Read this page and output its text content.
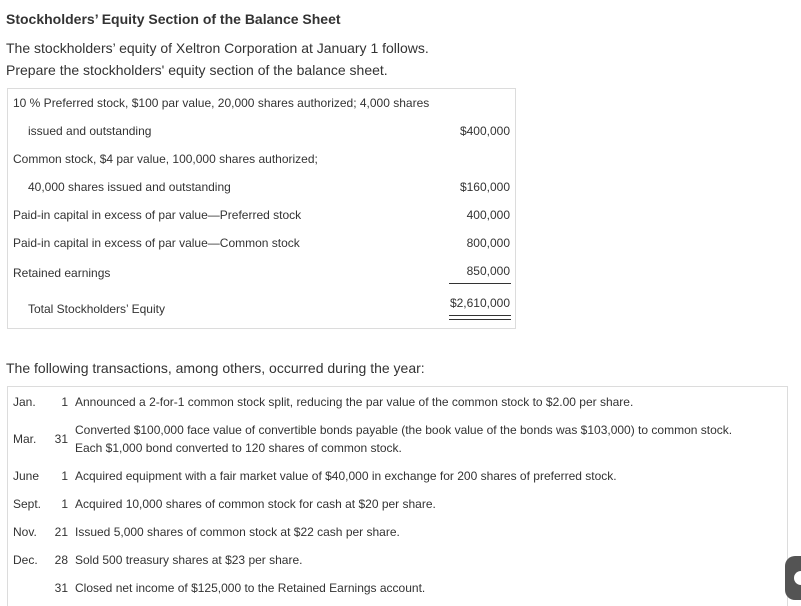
Stockholders’ Equity Section of the Balance Sheet
The stockholders’ equity of Xeltron Corporation at January 1 follows.
Prepare the stockholders' equity section of the balance sheet.
10 % Preferred stock, $100 par value, 20,000 shares authorized; 4,000 shares
issued and outstanding	$400,000
Common stock, $4 par value, 100,000 shares authorized;
40,000 shares issued and outstanding	$160,000
Paid-in capital in excess of par value—Preferred stock	400,000
Paid-in capital in excess of par value—Common stock	800,000
Retained earnings	850,000
Total Stockholders’ Equity	$2,610,000
The following transactions, among others, occurred during the year:
Jan.	1 Announced a 2-for-1 common stock split, reducing the par value of the common stock to $2.00 per share.
Mar.	31
Converted $100,000 face value of convertible bonds payable (the book value of the bonds was $103,000) to common stock.
Each $1,000 bond converted to 120 shares of common stock.
June	1 Acquired equipment with a fair market value of $40,000 in exchange for 200 shares of preferred stock.
Sept.	1 Acquired 10,000 shares of common stock for cash at $20 per share.
Nov.	21 Issued 5,000 shares of common stock at $22 cash per share.
Dec.	28 Sold 500 treasury shares at $23 per share.
31 Closed net income of $125,000 to the Retained Earnings account.
